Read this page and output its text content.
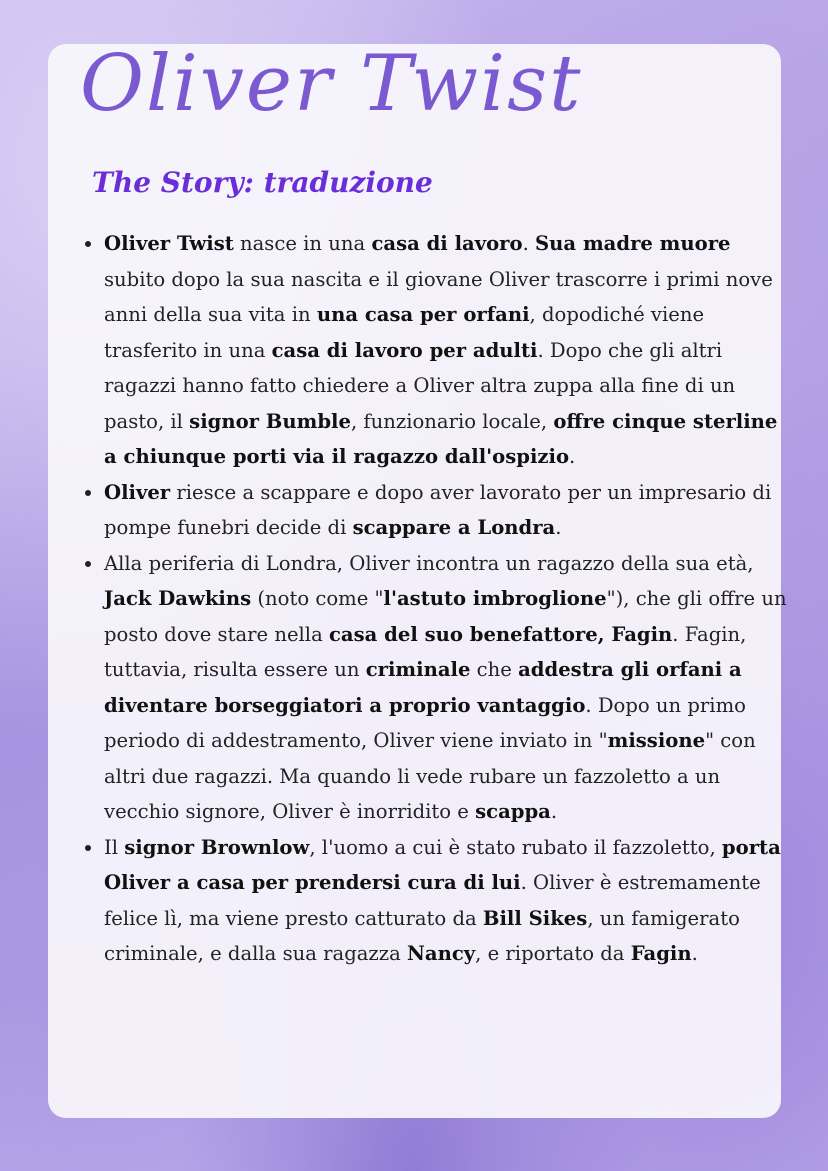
Oliver Twist
The Story: traduzione
• Oliver Twist nasce in una casa di lavoro. Sua madre muore subito dopo la sua nascita e il giovane Oliver trascorre i primi nove anni della sua vita in una casa per orfani, dopodiché viene trasferito in una casa di lavoro per adulti. Dopo che gli altri ragazzi hanno fatto chiedere a Oliver altra zuppa alla fine di un pasto, il signor Bumble, funzionario locale, offre cinque sterline a chiunque porti via il ragazzo dall'ospizio.
• Oliver riesce a scappare e dopo aver lavorato per un impresario di pompe funebri decide di scappare a Londra.
• Alla periferia di Londra, Oliver incontra un ragazzo della sua età, Jack Dawkins (noto come "l'astuto imbroglione"), che gli offre un posto dove stare nella casa del suo benefattore, Fagin. Fagin, tuttavia, risulta essere un criminale che addestra gli orfani a diventare borseggiatori a proprio vantaggio. Dopo un primo periodo di addestramento, Oliver viene inviato in "missione" con altri due ragazzi. Ma quando li vede rubare un fazzoletto a un vecchio signore, Oliver è inorridito e scappa.
• Il signor Brownlow, l'uomo a cui è stato rubato il fazzoletto, porta Oliver a casa per prendersi cura di lui. Oliver è estremamente felice lì, ma viene presto catturato da Bill Sikes, un famigerato criminale, e dalla sua ragazza Nancy, e riportato da Fagin.
